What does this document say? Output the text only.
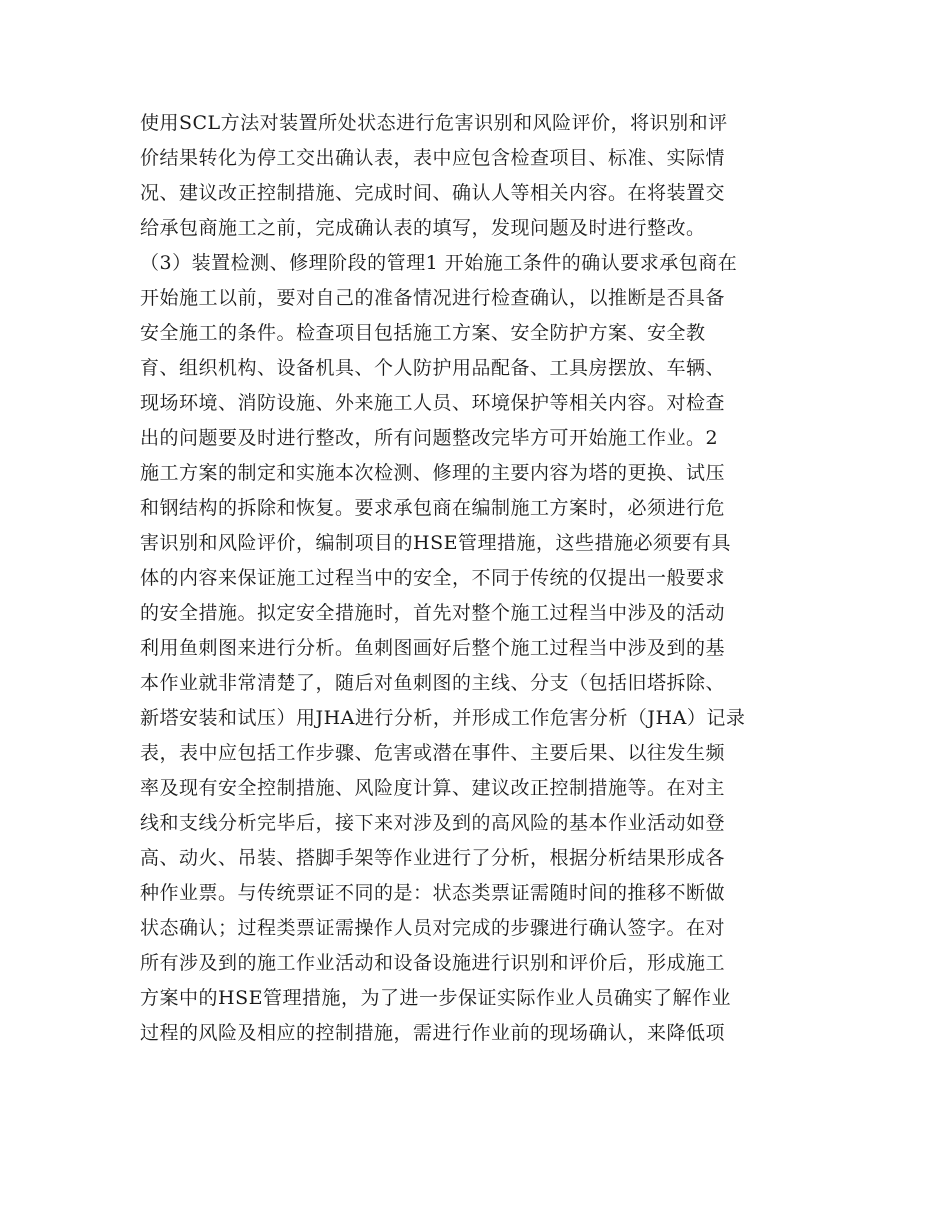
使用SCL方法对装置所处状态进行危害识别和风险评价，将识别和评
价结果转化为停工交出确认表，表中应包含检查项目、标准、实际情
况、建议改正控制措施、完成时间、确认人等相关内容。在将装置交
给承包商施工之前，完成确认表的填写，发现问题及时进行整改。
（3）装置检测、修理阶段的管理1 开始施工条件的确认要求承包商在
开始施工以前，要对自己的准备情况进行检查确认，以推断是否具备
安全施工的条件。检查项目包括施工方案、安全防护方案、安全教
育、组织机构、设备机具、个人防护用品配备、工具房摆放、车辆、
现场环境、消防设施、外来施工人员、环境保护等相关内容。对检查
出的问题要及时进行整改，所有问题整改完毕方可开始施工作业。2
施工方案的制定和实施本次检测、修理的主要内容为塔的更换、试压
和钢结构的拆除和恢复。要求承包商在编制施工方案时，必须进行危
害识别和风险评价，编制项目的HSE管理措施，这些措施必须要有具
体的内容来保证施工过程当中的安全，不同于传统的仅提出一般要求
的安全措施。拟定安全措施时，首先对整个施工过程当中涉及的活动
利用鱼刺图来进行分析。鱼刺图画好后整个施工过程当中涉及到的基
本作业就非常清楚了，随后对鱼刺图的主线、分支（包括旧塔拆除、
新塔安装和试压）用JHA进行分析，并形成工作危害分析（JHA）记录
表，表中应包括工作步骤、危害或潜在事件、主要后果、以往发生频
率及现有安全控制措施、风险度计算、建议改正控制措施等。在对主
线和支线分析完毕后，接下来对涉及到的高风险的基本作业活动如登
高、动火、吊装、搭脚手架等作业进行了分析，根据分析结果形成各
种作业票。与传统票证不同的是：状态类票证需随时间的推移不断做
状态确认；过程类票证需操作人员对完成的步骤进行确认签字。在对
所有涉及到的施工作业活动和设备设施进行识别和评价后，形成施工
方案中的HSE管理措施，为了进一步保证实际作业人员确实了解作业
过程的风险及相应的控制措施，需进行作业前的现场确认，来降低项
